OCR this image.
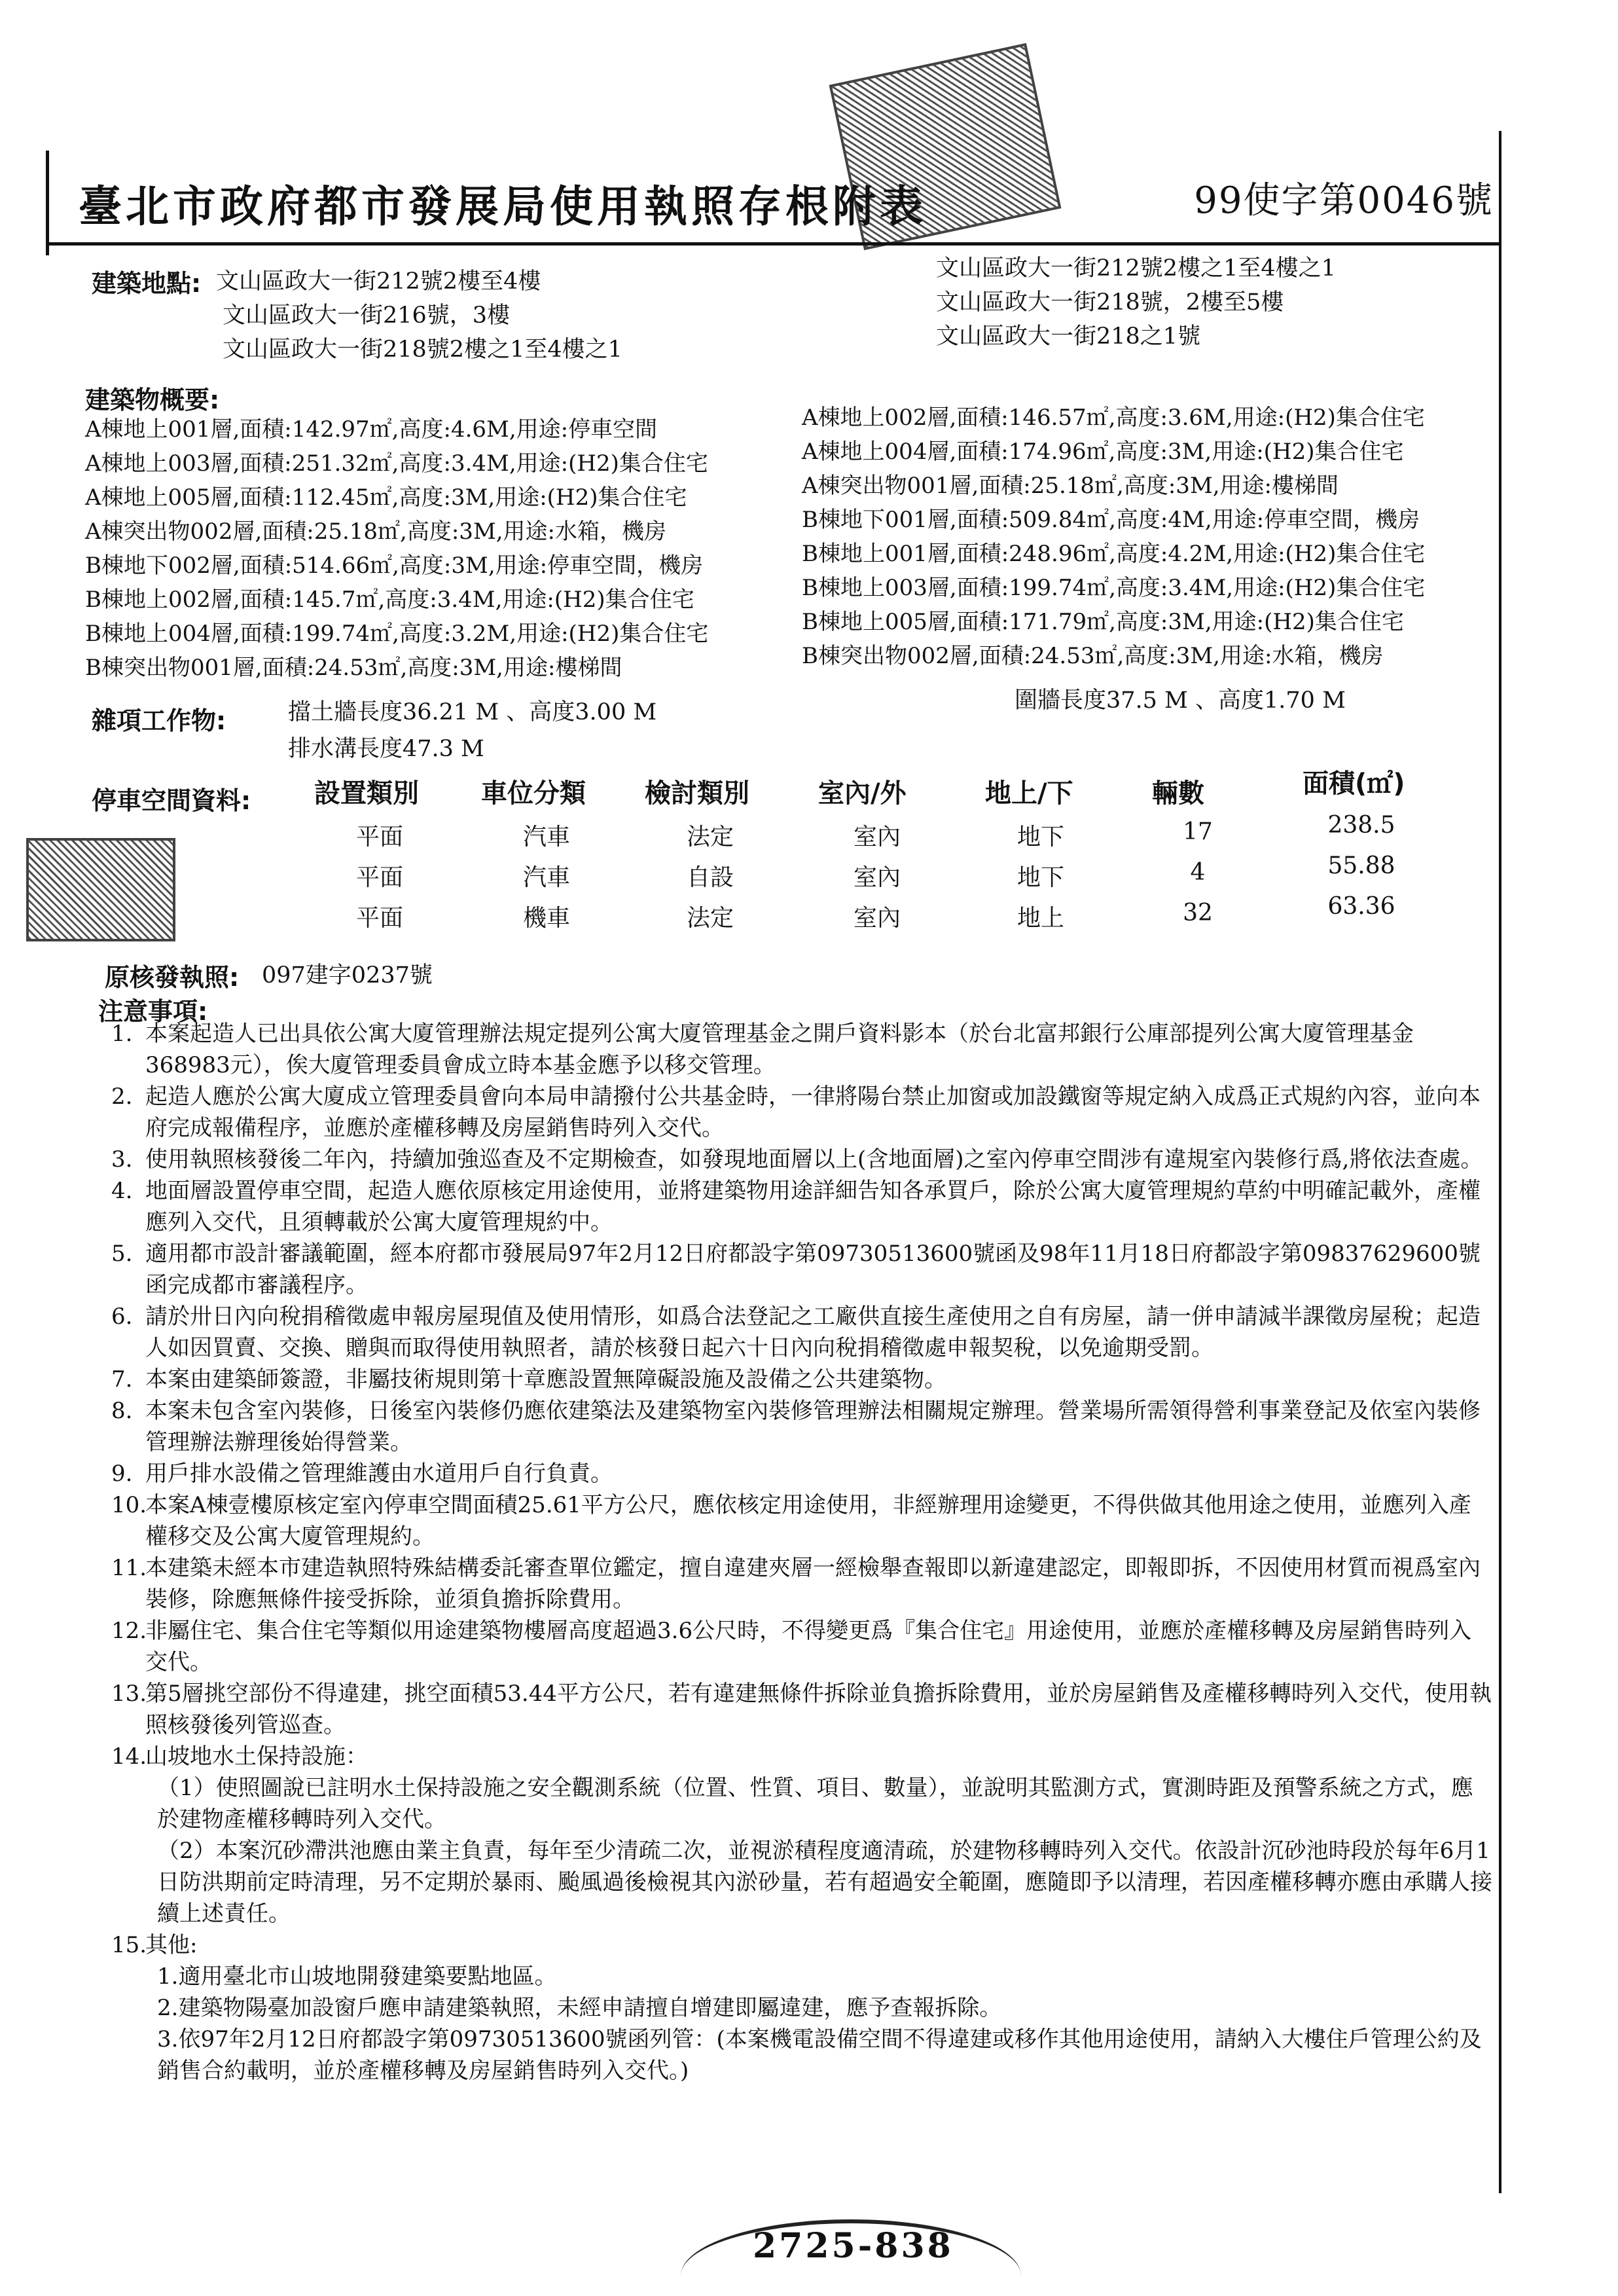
臺北市政府都市發展局使用執照存根附表	99使字第0046號
建築地點: 文山區政大一街212號2樓至4樓
文山區政大一街216號，3樓
文山區政大一街218號2樓之1至4樓之1
文山區政大一街212號2樓之1至4樓之1
文山區政大一街218號，2樓至5樓
文山區政大一街218之1號
建築物概要:
A棟地上001層,面積:142.97㎡,高度:4.6M,用途:停車空間
A棟地上003層,面積:251.32㎡,高度:3.4M,用途:(H2)集合住宅
A棟地上005層,面積:112.45㎡,高度:3M,用途:(H2)集合住宅
A棟突出物002層,面積:25.18㎡,高度:3M,用途:水箱，機房
B棟地下002層,面積:514.66㎡,高度:3M,用途:停車空間，機房
B棟地上002層,面積:145.7㎡,高度:3.4M,用途:(H2)集合住宅
B棟地上004層,面積:199.74㎡,高度:3.2M,用途:(H2)集合住宅
B棟突出物001層,面積:24.53㎡,高度:3M,用途:樓梯間
A棟地上002層,面積:146.57㎡,高度:3.6M,用途:(H2)集合住宅
A棟地上004層,面積:174.96㎡,高度:3M,用途:(H2)集合住宅
A棟突出物001層,面積:25.18㎡,高度:3M,用途:樓梯間
B棟地下001層,面積:509.84㎡,高度:4M,用途:停車空間，機房
B棟地上001層,面積:248.96㎡,高度:4.2M,用途:(H2)集合住宅
B棟地上003層,面積:199.74㎡,高度:3.4M,用途:(H2)集合住宅
B棟地上005層,面積:171.79㎡,高度:3M,用途:(H2)集合住宅
B棟突出物002層,面積:24.53㎡,高度:3M,用途:水箱，機房
雜項工作物:	擋土牆長度36.21 M 、高度3.00 M
排水溝長度47.3 M
圍牆長度37.5 M 、高度1.70 M
停車空間資料: 設置類別 車位分類 檢討類別	室內/外	地上/下	輛數	面積(㎡)
平面	汽車	法定	室內	地下	17	238.5
平面	汽車	自設	室內	地下	4	55.88
平面	機車	法定	室內	地上	32	63.36
原核發執照: 097建字0237號
注意事項:
1. 本案起造人已出具依公寓大廈管理辦法規定提列公寓大廈管理基金之開戶資料影本（於台北富邦銀行公庫部提列公寓大廈管理基金368983元），俟大廈管理委員會成立時本基金應予以移交管理。
2. 起造人應於公寓大廈成立管理委員會向本局申請撥付公共基金時，一律將陽台禁止加窗或加設鐵窗等規定納入成爲正式規約內容，並向本府完成報備程序，並應於產權移轉及房屋銷售時列入交代。
3. 使用執照核發後二年內，持續加強巡查及不定期檢查，如發現地面層以上(含地面層)之室內停車空間涉有違規室內裝修行爲,將依法查處。
4. 地面層設置停車空間，起造人應依原核定用途使用，並將建築物用途詳細告知各承買戶，除於公寓大廈管理規約草約中明確記載外，產權應列入交代，且須轉載於公寓大廈管理規約中。
5. 適用都市設計審議範圍，經本府都市發展局97年2月12日府都設字第09730513600號函及98年11月18日府都設字第09837629600號函完成都市審議程序。
6. 請於卅日內向稅捐稽徵處申報房屋現值及使用情形，如爲合法登記之工廠供直接生產使用之自有房屋，請一併申請減半課徵房屋稅；起造人如因買賣、交換、贈與而取得使用執照者，請於核發日起六十日內向稅捐稽徵處申報契稅，以免逾期受罰。
7. 本案由建築師簽證，非屬技術規則第十章應設置無障礙設施及設備之公共建築物。
8. 本案未包含室內裝修，日後室內裝修仍應依建築法及建築物室內裝修管理辦法相關規定辦理。營業場所需領得營利事業登記及依室內裝修管理辦法辦理後始得營業。
9. 用戶排水設備之管理維護由水道用戶自行負責。
10.
本案A棟壹樓原核定室內停車空間面積25.61平方公尺，應依核定用途使用，非經辦理用途變更，不得供做其他用途之使用，並應列入產權移交及公寓大廈管理規約。
11.
本建築未經本市建造執照特殊結構委託審查單位鑑定，擅自違建夾層一經檢舉查報即以新違建認定，即報即拆，不因使用材質而視爲室內裝修，除應無條件接受拆除，並須負擔拆除費用。
12.
非屬住宅、集合住宅等類似用途建築物樓層高度超過3.6公尺時，不得變更爲『集合住宅』用途使用，並應於產權移轉及房屋銷售時列入交代。
13.
第5層挑空部份不得違建，挑空面積53.44平方公尺，若有違建無條件拆除並負擔拆除費用，並於房屋銷售及產權移轉時列入交代，使用執照核發後列管巡查。
14.
山坡地水土保持設施：
（1）使照圖說已註明水土保持設施之安全觀測系統（位置、性質、項目、數量），並說明其監測方式，實測時距及預警系統之方式，應於建物產權移轉時列入交代。
（2）本案沉砂滯洪池應由業主負責，每年至少清疏二次，並視淤積程度適清疏，於建物移轉時列入交代。依設計沉砂池時段於每年6月1日防洪期前定時清理，另不定期於暴雨、颱風過後檢視其內淤砂量，若有超過安全範圍，應隨即予以清理，若因產權移轉亦應由承購人接續上述責任。
15.
其他:
1.適用臺北市山坡地開發建築要點地區。
2.建築物陽臺加設窗戶應申請建築執照，未經申請擅自增建即屬違建，應予查報拆除。
3.依97年2月12日府都設字第09730513600號函列管：(本案機電設備空間不得違建或移作其他用途使用，請納入大樓住戶管理公約及銷售合約載明，並於產權移轉及房屋銷售時列入交代。)
2725-838
